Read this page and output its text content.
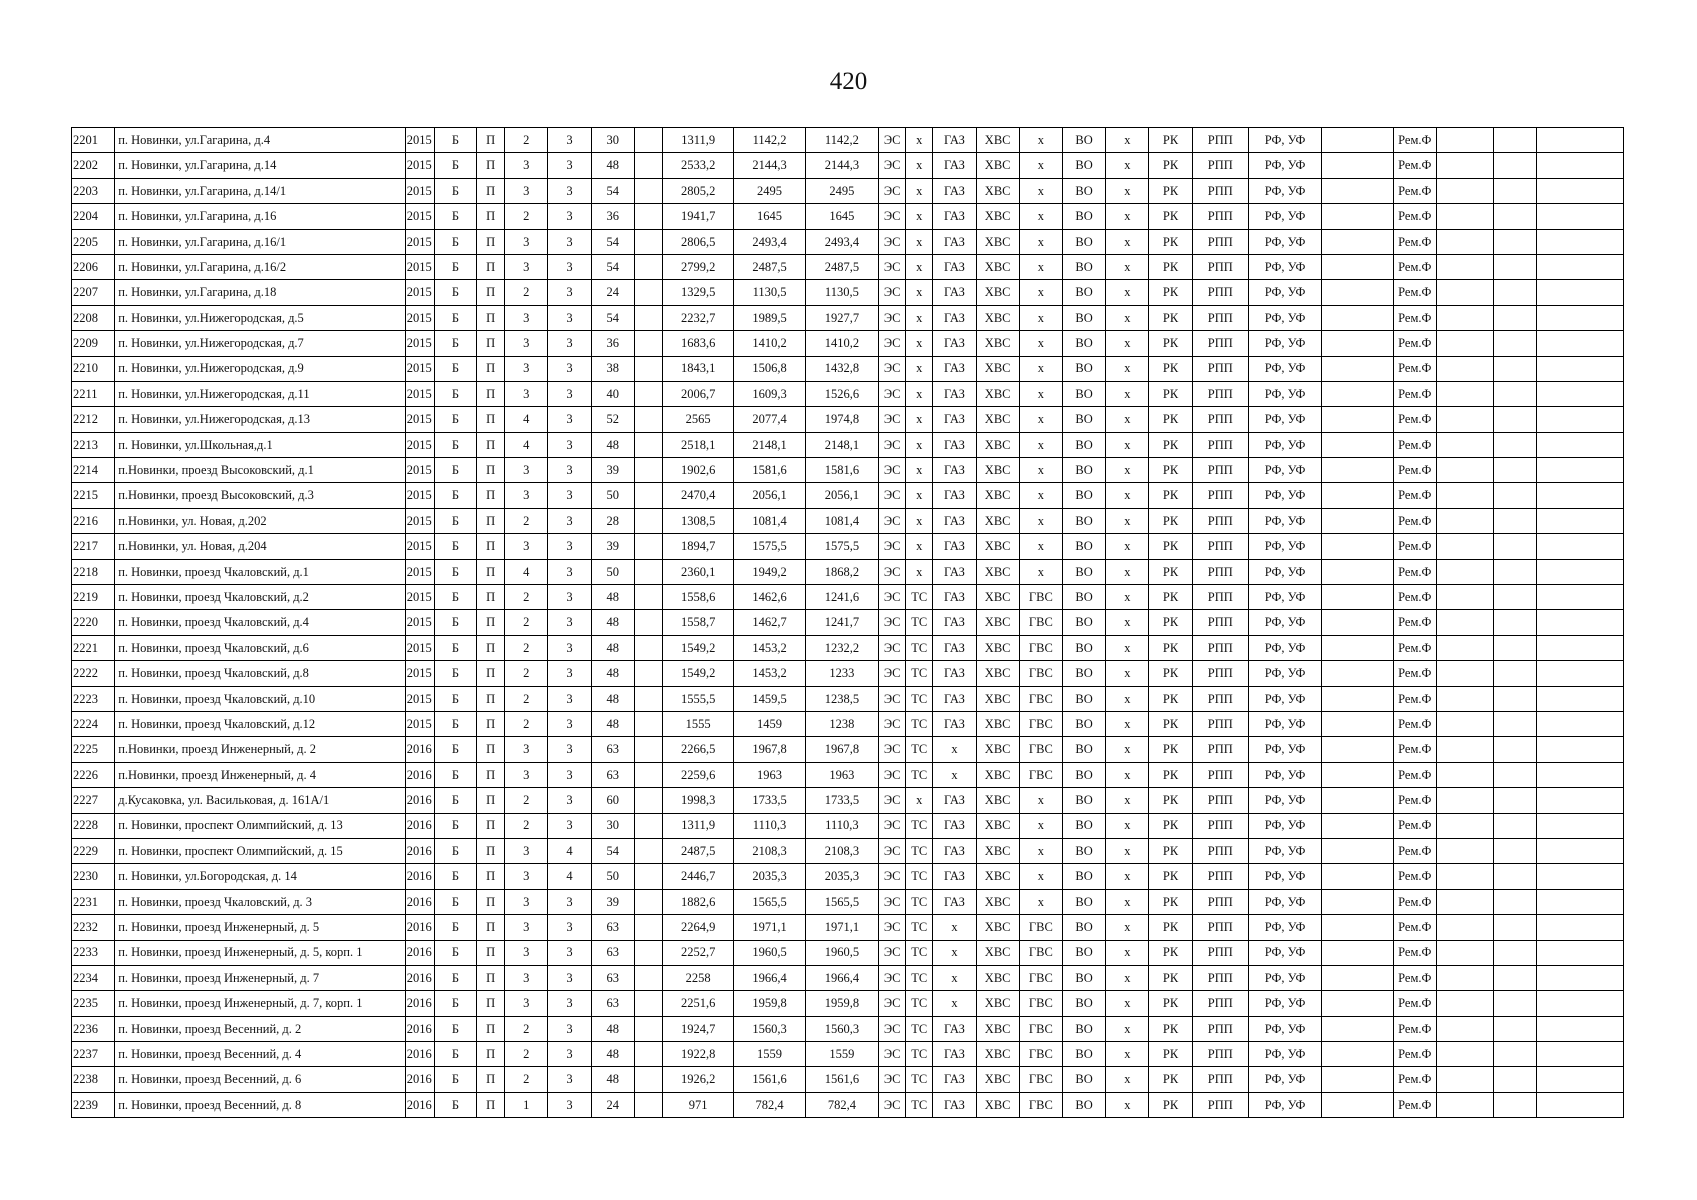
420
2201	п. Новинки, ул.Гагарина, д.4	2015	Б	П	2	3	30		1311,9	1142,2	1142,2	ЭС	х	ГАЗ	ХВС	х	ВО	х	РК	РПП	РФ, УФ		Рем.Ф			
2202	п. Новинки, ул.Гагарина, д.14	2015	Б	П	3	3	48		2533,2	2144,3	2144,3	ЭС	х	ГАЗ	ХВС	х	ВО	х	РК	РПП	РФ, УФ		Рем.Ф			
2203	п. Новинки, ул.Гагарина, д.14/1	2015	Б	П	3	3	54		2805,2	2495	2495	ЭС	х	ГАЗ	ХВС	х	ВО	х	РК	РПП	РФ, УФ		Рем.Ф			
2204	п. Новинки, ул.Гагарина, д.16	2015	Б	П	2	3	36		1941,7	1645	1645	ЭС	х	ГАЗ	ХВС	х	ВО	х	РК	РПП	РФ, УФ		Рем.Ф			
2205	п. Новинки, ул.Гагарина, д.16/1	2015	Б	П	3	3	54		2806,5	2493,4	2493,4	ЭС	х	ГАЗ	ХВС	х	ВО	х	РК	РПП	РФ, УФ		Рем.Ф			
2206	п. Новинки, ул.Гагарина, д.16/2	2015	Б	П	3	3	54		2799,2	2487,5	2487,5	ЭС	х	ГАЗ	ХВС	х	ВО	х	РК	РПП	РФ, УФ		Рем.Ф			
2207	п. Новинки, ул.Гагарина, д.18	2015	Б	П	2	3	24		1329,5	1130,5	1130,5	ЭС	х	ГАЗ	ХВС	х	ВО	х	РК	РПП	РФ, УФ		Рем.Ф			
2208	п. Новинки, ул.Нижегородская, д.5	2015	Б	П	3	3	54		2232,7	1989,5	1927,7	ЭС	х	ГАЗ	ХВС	х	ВО	х	РК	РПП	РФ, УФ		Рем.Ф			
2209	п. Новинки, ул.Нижегородская, д.7	2015	Б	П	3	3	36		1683,6	1410,2	1410,2	ЭС	х	ГАЗ	ХВС	х	ВО	х	РК	РПП	РФ, УФ		Рем.Ф			
2210	п. Новинки, ул.Нижегородская, д.9	2015	Б	П	3	3	38		1843,1	1506,8	1432,8	ЭС	х	ГАЗ	ХВС	х	ВО	х	РК	РПП	РФ, УФ		Рем.Ф			
2211	п. Новинки, ул.Нижегородская, д.11	2015	Б	П	3	3	40		2006,7	1609,3	1526,6	ЭС	х	ГАЗ	ХВС	х	ВО	х	РК	РПП	РФ, УФ		Рем.Ф			
2212	п. Новинки, ул.Нижегородская, д.13	2015	Б	П	4	3	52		2565	2077,4	1974,8	ЭС	х	ГАЗ	ХВС	х	ВО	х	РК	РПП	РФ, УФ		Рем.Ф			
2213	п. Новинки, ул.Школьная,д.1	2015	Б	П	4	3	48		2518,1	2148,1	2148,1	ЭС	х	ГАЗ	ХВС	х	ВО	х	РК	РПП	РФ, УФ		Рем.Ф			
2214	п.Новинки, проезд Высоковский, д.1	2015	Б	П	3	3	39		1902,6	1581,6	1581,6	ЭС	х	ГАЗ	ХВС	х	ВО	х	РК	РПП	РФ, УФ		Рем.Ф			
2215	п.Новинки, проезд Высоковский, д.3	2015	Б	П	3	3	50		2470,4	2056,1	2056,1	ЭС	х	ГАЗ	ХВС	х	ВО	х	РК	РПП	РФ, УФ		Рем.Ф			
2216	п.Новинки, ул. Новая, д.202	2015	Б	П	2	3	28		1308,5	1081,4	1081,4	ЭС	х	ГАЗ	ХВС	х	ВО	х	РК	РПП	РФ, УФ		Рем.Ф			
2217	п.Новинки, ул. Новая, д.204	2015	Б	П	3	3	39		1894,7	1575,5	1575,5	ЭС	х	ГАЗ	ХВС	х	ВО	х	РК	РПП	РФ, УФ		Рем.Ф			
2218	п. Новинки, проезд Чкаловский, д.1	2015	Б	П	4	3	50		2360,1	1949,2	1868,2	ЭС	х	ГАЗ	ХВС	х	ВО	х	РК	РПП	РФ, УФ		Рем.Ф			
2219	п. Новинки, проезд Чкаловский, д.2	2015	Б	П	2	3	48		1558,6	1462,6	1241,6	ЭС	ТС	ГАЗ	ХВС	ГВС	ВО	х	РК	РПП	РФ, УФ		Рем.Ф			
2220	п. Новинки, проезд Чкаловский, д.4	2015	Б	П	2	3	48		1558,7	1462,7	1241,7	ЭС	ТС	ГАЗ	ХВС	ГВС	ВО	х	РК	РПП	РФ, УФ		Рем.Ф			
2221	п. Новинки, проезд Чкаловский, д.6	2015	Б	П	2	3	48		1549,2	1453,2	1232,2	ЭС	ТС	ГАЗ	ХВС	ГВС	ВО	х	РК	РПП	РФ, УФ		Рем.Ф			
2222	п. Новинки, проезд Чкаловский, д.8	2015	Б	П	2	3	48		1549,2	1453,2	1233	ЭС	ТС	ГАЗ	ХВС	ГВС	ВО	х	РК	РПП	РФ, УФ		Рем.Ф			
2223	п. Новинки, проезд Чкаловский, д.10	2015	Б	П	2	3	48		1555,5	1459,5	1238,5	ЭС	ТС	ГАЗ	ХВС	ГВС	ВО	х	РК	РПП	РФ, УФ		Рем.Ф			
2224	п. Новинки, проезд Чкаловский, д.12	2015	Б	П	2	3	48		1555	1459	1238	ЭС	ТС	ГАЗ	ХВС	ГВС	ВО	х	РК	РПП	РФ, УФ		Рем.Ф			
2225	п.Новинки, проезд Инженерный, д. 2	2016	Б	П	3	3	63		2266,5	1967,8	1967,8	ЭС	ТС	х	ХВС	ГВС	ВО	х	РК	РПП	РФ, УФ		Рем.Ф			
2226	п.Новинки, проезд Инженерный, д. 4	2016	Б	П	3	3	63		2259,6	1963	1963	ЭС	ТС	х	ХВС	ГВС	ВО	х	РК	РПП	РФ, УФ		Рем.Ф			
2227	д.Кусаковка, ул. Васильковая, д. 161А/1	2016	Б	П	2	3	60		1998,3	1733,5	1733,5	ЭС	х	ГАЗ	ХВС	х	ВО	х	РК	РПП	РФ, УФ		Рем.Ф			
2228	п. Новинки, проспект Олимпийский, д. 13	2016	Б	П	2	3	30		1311,9	1110,3	1110,3	ЭС	ТС	ГАЗ	ХВС	х	ВО	х	РК	РПП	РФ, УФ		Рем.Ф			
2229	п. Новинки, проспект Олимпийский, д. 15	2016	Б	П	3	4	54		2487,5	2108,3	2108,3	ЭС	ТС	ГАЗ	ХВС	х	ВО	х	РК	РПП	РФ, УФ		Рем.Ф			
2230	п. Новинки, ул.Богородская, д. 14	2016	Б	П	3	4	50		2446,7	2035,3	2035,3	ЭС	ТС	ГАЗ	ХВС	х	ВО	х	РК	РПП	РФ, УФ		Рем.Ф			
2231	п. Новинки, проезд Чкаловский, д. 3	2016	Б	П	3	3	39		1882,6	1565,5	1565,5	ЭС	ТС	ГАЗ	ХВС	х	ВО	х	РК	РПП	РФ, УФ		Рем.Ф			
2232	п. Новинки, проезд Инженерный, д. 5	2016	Б	П	3	3	63		2264,9	1971,1	1971,1	ЭС	ТС	х	ХВС	ГВС	ВО	х	РК	РПП	РФ, УФ		Рем.Ф			
2233	п. Новинки, проезд Инженерный, д. 5, корп. 1	2016	Б	П	3	3	63		2252,7	1960,5	1960,5	ЭС	ТС	х	ХВС	ГВС	ВО	х	РК	РПП	РФ, УФ		Рем.Ф			
2234	п. Новинки, проезд Инженерный, д. 7	2016	Б	П	3	3	63		2258	1966,4	1966,4	ЭС	ТС	х	ХВС	ГВС	ВО	х	РК	РПП	РФ, УФ		Рем.Ф			
2235	п. Новинки, проезд Инженерный, д. 7, корп. 1	2016	Б	П	3	3	63		2251,6	1959,8	1959,8	ЭС	ТС	х	ХВС	ГВС	ВО	х	РК	РПП	РФ, УФ		Рем.Ф			
2236	п. Новинки, проезд Весенний, д. 2	2016	Б	П	2	3	48		1924,7	1560,3	1560,3	ЭС	ТС	ГАЗ	ХВС	ГВС	ВО	х	РК	РПП	РФ, УФ		Рем.Ф			
2237	п. Новинки, проезд Весенний, д. 4	2016	Б	П	2	3	48		1922,8	1559	1559	ЭС	ТС	ГАЗ	ХВС	ГВС	ВО	х	РК	РПП	РФ, УФ		Рем.Ф			
2238	п. Новинки, проезд Весенний, д. 6	2016	Б	П	2	3	48		1926,2	1561,6	1561,6	ЭС	ТС	ГАЗ	ХВС	ГВС	ВО	х	РК	РПП	РФ, УФ		Рем.Ф			
2239	п. Новинки, проезд Весенний, д. 8	2016	Б	П	1	3	24		971	782,4	782,4	ЭС	ТС	ГАЗ	ХВС	ГВС	ВО	х	РК	РПП	РФ, УФ		Рем.Ф			
